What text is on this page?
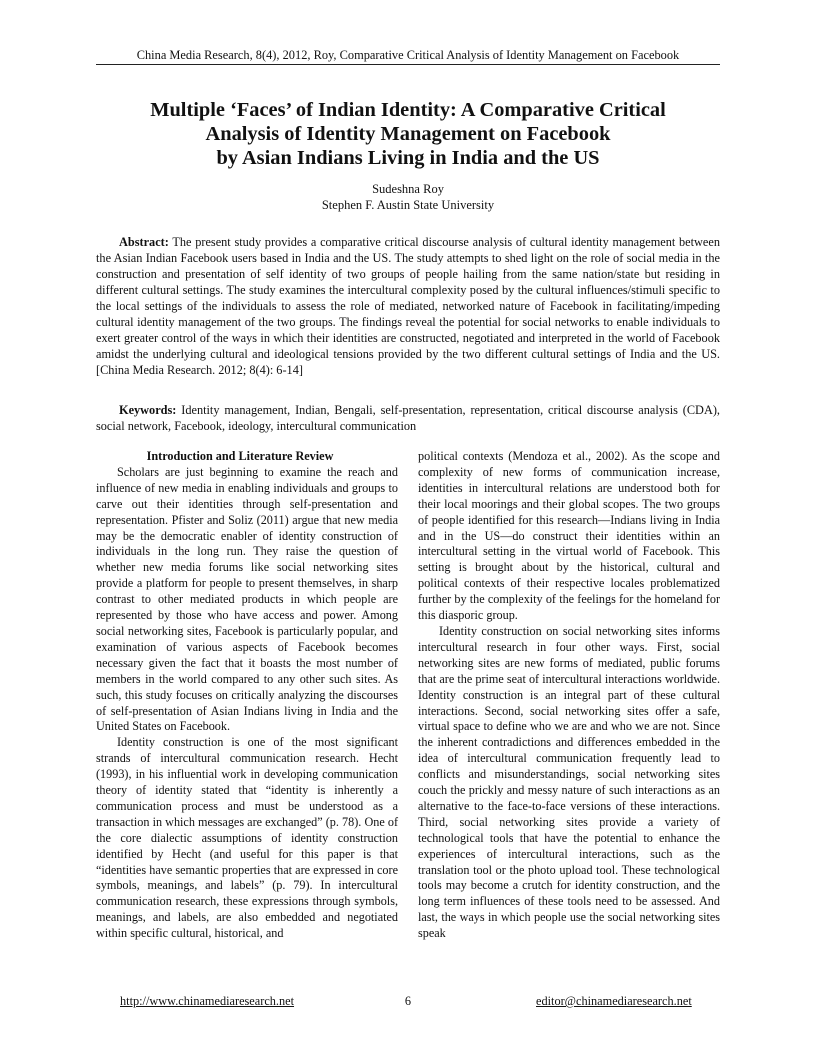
China Media Research, 8(4), 2012, Roy, Comparative Critical Analysis of Identity Management on Facebook
Multiple ‘Faces’ of Indian Identity: A Comparative Critical
Analysis of Identity Management on Facebook
by Asian Indians Living in India and the US
Sudeshna Roy
Stephen F. Austin State University

Abstract: The present study provides a comparative critical discourse analysis of cultural identity management between the Asian Indian Facebook users based in India and the US. The study attempts to shed light on the role of social media in the construction and presentation of self identity of two groups of people hailing from the same nation/state but residing in different cultural settings. The study examines the intercultural complexity posed by the cultural influences/stimuli specific to the local settings of the individuals to assess the role of mediated, networked nature of Facebook in facilitating/impeding cultural identity management of the two groups. The findings reveal the potential for social networks to enable individuals to exert greater control of the ways in which their identities are constructed, negotiated and interpreted in the world of Facebook amidst the underlying cultural and ideological tensions provided by the two different cultural settings of India and the US. [China Media Research. 2012; 8(4): 6-14]

Keywords: Identity management, Indian, Bengali, self-presentation, representation, critical discourse analysis (CDA), social network, Facebook, ideology, intercultural communication

Introduction and Literature Review

Scholars are just beginning to examine the reach and influence of new media in enabling individuals and groups to carve out their identities through self-presentation and representation. Pfister and Soliz (2011) argue that new media may be the democratic enabler of identity construction of individuals in the long run. They raise the question of whether new media forums like social networking sites provide a platform for people to present themselves, in sharp contrast to other mediated products in which people are represented by those who have access and power. Among social networking sites, Facebook is particularly popular, and examination of various aspects of Facebook becomes necessary given the fact that it boasts the most number of members in the world compared to any other such sites. As such, this study focuses on critically analyzing the discourses of self-presentation of Asian Indians living in India and the United States on Facebook.

Identity construction is one of the most significant strands of intercultural communication research. Hecht (1993), in his influential work in developing communication theory of identity stated that “identity is inherently a communication process and must be understood as a transaction in which messages are exchanged” (p. 78). One of the core dialectic assumptions of identity construction identified by Hecht (and useful for this paper is that “identities have semantic properties that are expressed in core symbols, meanings, and labels” (p. 79). In intercultural communication research, these expressions through symbols, meanings, and labels, are also embedded and negotiated within specific cultural, historical, and

political contexts (Mendoza et al., 2002). As the scope and complexity of new forms of communication increase, identities in intercultural relations are understood both for their local moorings and their global scopes. The two groups of people identified for this research—Indians living in India and in the US—do construct their identities within an intercultural setting in the virtual world of Facebook. This setting is brought about by the historical, cultural and political contexts of their respective locales problematized further by the complexity of the feelings for the homeland for this diasporic group.

Identity construction on social networking sites informs intercultural research in four other ways. First, social networking sites are new forms of mediated, public forums that are the prime seat of intercultural interactions worldwide. Identity construction is an integral part of these cultural interactions. Second, social networking sites offer a safe, virtual space to define who we are and who we are not. Since the inherent contradictions and differences embedded in the idea of intercultural communication frequently lead to conflicts and misunderstandings, social networking sites couch the prickly and messy nature of such interactions as an alternative to the face-to-face versions of these interactions. Third, social networking sites provide a variety of technological tools that have the potential to enhance the experiences of intercultural interactions, such as the translation tool or the photo upload tool. These technological tools may become a crutch for identity construction, and the long term influences of these tools need to be assessed. And last, the ways in which people use the social networking sites speak

http://www.chinamediaresearch.net	6	editor@chinamediaresearch.net
